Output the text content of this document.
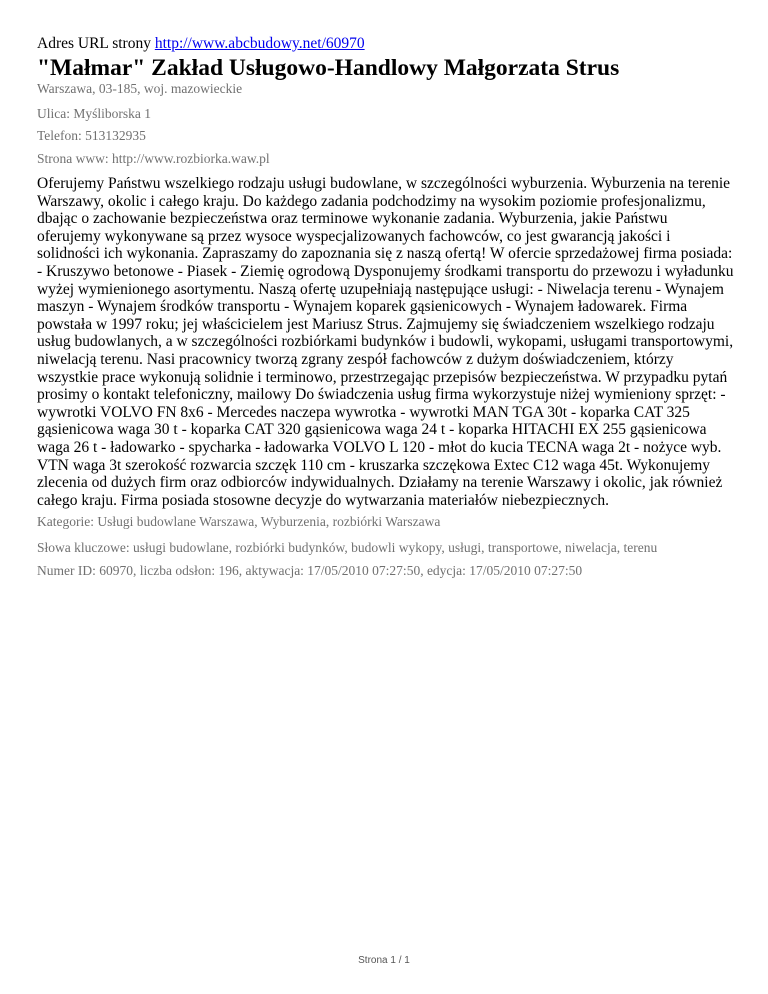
Adres URL strony http://www.abcbudowy.net/60970
"Małmar" Zakład Usługowo-Handlowy Małgorzata Strus
Warszawa, 03-185, woj. mazowieckie
Ulica: Myśliborska 1
Telefon: 513132935
Strona www: http://www.rozbiorka.waw.pl

Oferujemy Państwu wszelkiego rodzaju usługi budowlane, w szczególności wyburzenia. Wyburzenia na terenie Warszawy, okolic i całego kraju. Do każdego zadania podchodzimy na wysokim poziomie profesjonalizmu, dbając o zachowanie bezpieczeństwa oraz terminowe wykonanie zadania. Wyburzenia, jakie Państwu oferujemy wykonywane są przez wysoce wyspecjalizowanych fachowców, co jest gwarancją jakości i solidności ich wykonania. Zapraszamy do zapoznania się z naszą ofertą! W ofercie sprzedażowej firma posiada: - Kruszywo betonowe - Piasek - Ziemię ogrodową Dysponujemy środkami transportu do przewozu i wyładunku wyżej wymienionego asortymentu. Naszą ofertę uzupełniają następujące usługi: - Niwelacja terenu - Wynajem maszyn - Wynajem środków transportu - Wynajem koparek gąsienicowych - Wynajem ładowarek. Firma powstała w 1997 roku; jej właścicielem jest Mariusz Strus. Zajmujemy się świadczeniem wszelkiego rodzaju usług budowlanych, a w szczególności rozbiórkami budynków i budowli, wykopami, usługami transportowymi, niwelacją terenu. Nasi pracownicy tworzą zgrany zespół fachowców z dużym doświadczeniem, którzy wszystkie prace wykonują solidnie i terminowo, przestrzegając przepisów bezpieczeństwa. W przypadku pytań prosimy o kontakt telefoniczny, mailowy Do świadczenia usług firma wykorzystuje niżej wymieniony sprzęt: - wywrotki VOLVO FN 8x6 - Mercedes naczepa wywrotka - wywrotki MAN TGA 30t - koparka CAT 325 gąsienicowa waga 30 t - koparka CAT 320 gąsienicowa waga 24 t - koparka HITACHI EX 255 gąsienicowa waga 26 t - ładowarko - spycharka - ładowarka VOLVO L 120 - młot do kucia TECNA waga 2t - nożyce wyb. VTN waga 3t szerokość rozwarcia szczęk 110 cm - kruszarka szczękowa Extec C12 waga 45t. Wykonujemy zlecenia od dużych firm oraz odbiorców indywidualnych. Działamy na terenie Warszawy i okolic, jak również całego kraju. Firma posiada stosowne decyzje do wytwarzania materiałów niebezpiecznych.

Kategorie: Usługi budowlane Warszawa, Wyburzenia, rozbiórki Warszawa
Słowa kluczowe: usługi budowlane, rozbiórki budynków, budowli wykopy, usługi, transportowe, niwelacja, terenu
Numer ID: 60970, liczba odsłon: 196, aktywacja: 17/05/2010 07:27:50, edycja: 17/05/2010 07:27:50
Strona 1 / 1
